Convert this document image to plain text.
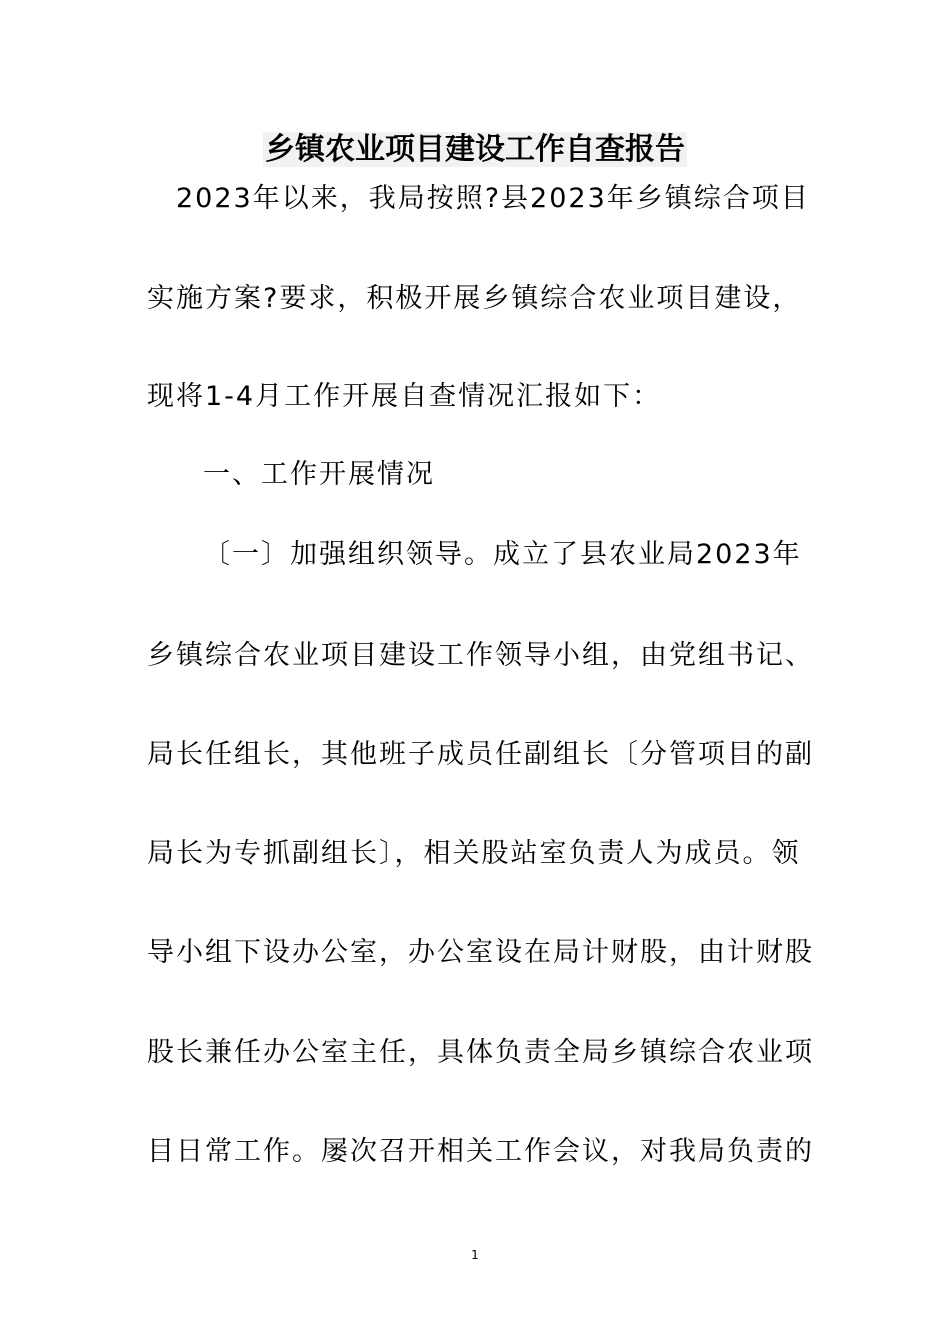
乡镇农业项目建设工作自查报告
2023年以来，我局按照?县2023年乡镇综合项目
实施方案?要求，积极开展乡镇综合农业项目建设，
现将1-4月工作开展自查情况汇报如下：
一、工作开展情况
〔一〕加强组织领导。成立了县农业局2023年
乡镇综合农业项目建设工作领导小组，由党组书记、
局长任组长，其他班子成员任副组长〔分管项目的副
局长为专抓副组长〕，相关股站室负责人为成员。领
导小组下设办公室，办公室设在局计财股，由计财股
股长兼任办公室主任，具体负责全局乡镇综合农业项
目日常工作。屡次召开相关工作会议，对我局负责的
1
